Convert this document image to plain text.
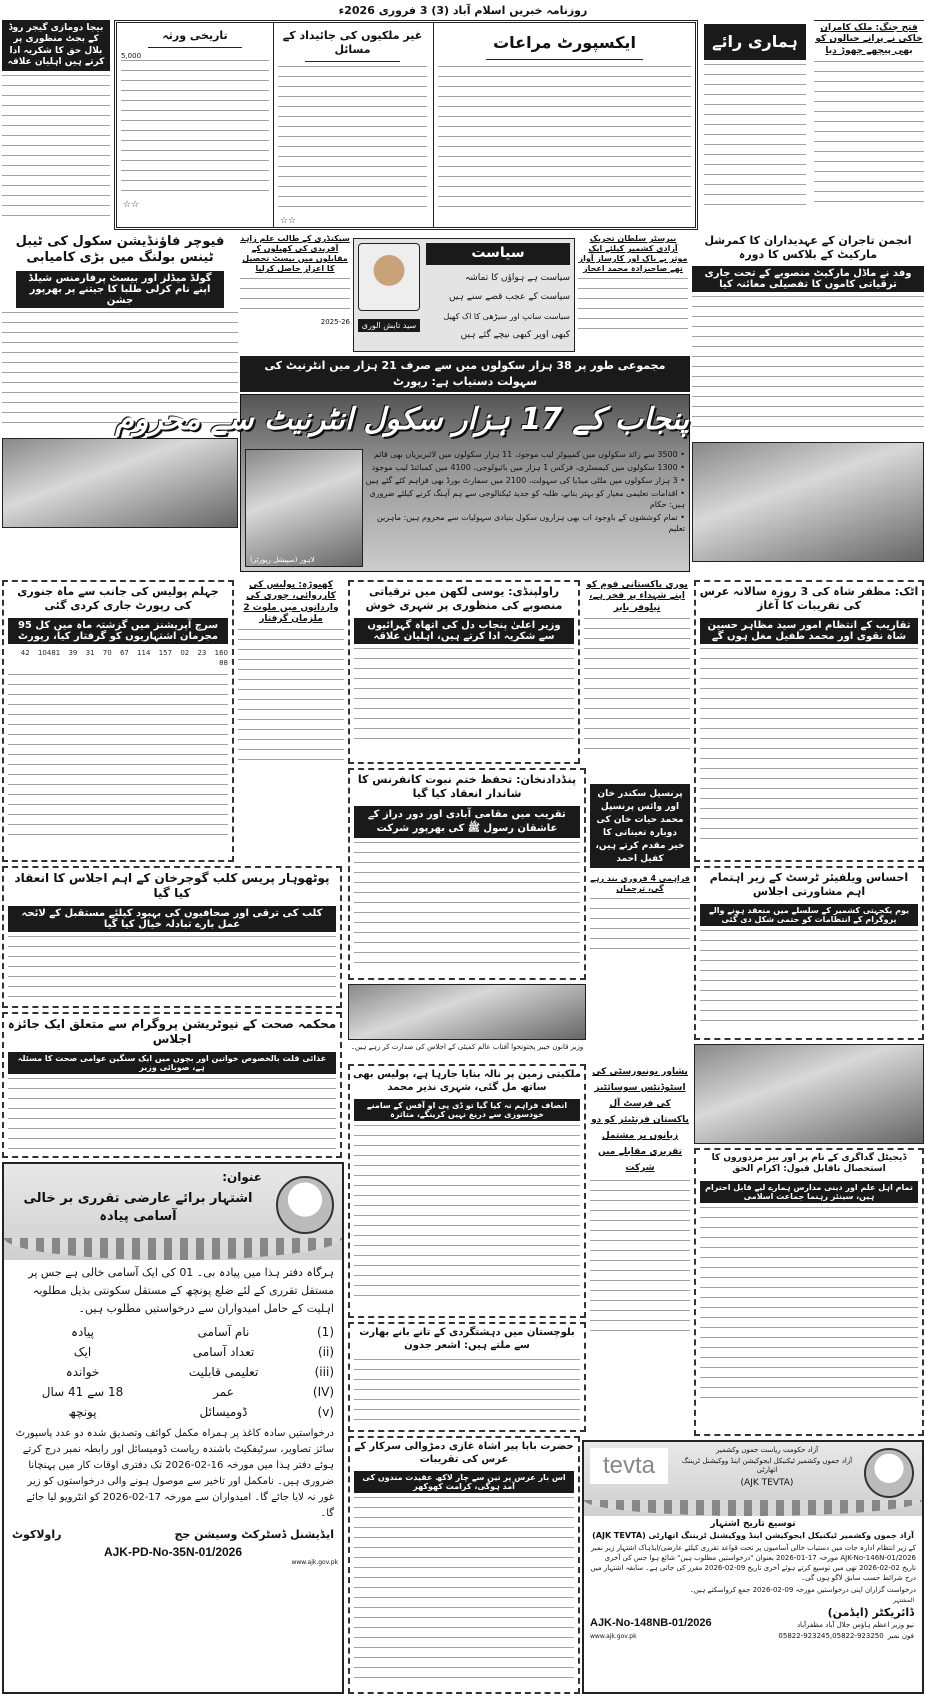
روزنامہ خبریں اسلام آباد (3) 3 فروری 2026ء
بیجا دومازی گیجر روڈ کے بجٹ منظوری پر بلال حق کا شکریہ ادا کرتے ہیں اہلیان علاقہ
ایکسپورٹ مراعات
غیر ملکیوں کی جائیداد کے مسائل
☆☆
تاریخی ورثہ
5,000
☆☆
ہماری رائے
فتح جنگ: ملک کامران خاکی نے پرانے جیالوں کو بھی پیچھے چھوڑ دیا
فیوچر فاؤنڈیشن سکول کی ٹیبل ٹینس بولنگ میں بڑی کامیابی
گولڈ میڈلز اور بیسٹ پرفارمنس شیلڈ اپنے نام کرلی طلبا کا جیتنے پر بھرپور جشن
سیکنڈری کے طالب علم زاہد آفریدی کی کھیلوں کے مقابلوں میں بیسٹ تحصیل کا اعزاز حاصل کرلیا
2025-26	سید تابش الوری
سیاست
سیاست ہے ہواؤں کا تماشہ
سیاست کے عجب قصے سنے ہیں
سیاست سانپ اور سیڑھی کا اک کھیل
کبھی اوپر کبھی نیچے گئے ہیں
بیرسٹر سلطان تحریک آزادی کشمیر کیلئے ایک موثر بے باک اور کارساز آواز تھے صاحبزادہ محمد اعجاز
انجمن تاجران کے عہدیداران کا کمرشل مارکیٹ کے بلاکس کا دورہ
وفد نے ماڈل مارکیٹ منصوبے کے تحت جاری ترقیاتی کاموں کا تفصیلی معائنہ کیا
مجموعی طور پر 38 ہزار سکولوں میں سے صرف 21 ہزار میں انٹرنیٹ کی سہولت دستیاب ہے: رپورٹ
پنجاب کے 17 ہزار سکول انٹرنیٹ سے محروم
• 3500 سے زائد سکولوں میں کمپیوٹر لیب موجود، 11 ہزار سکولوں میں لائبریریاں بھی قائم
• 1300 سکولوں میں کیمسٹری، فزکس 1 ہزار میں بائیولوجی، 4100 میں کمبائنڈ لیب موجود
• 3 ہزار سکولوں میں ملٹی میڈیا کی سہولت، 2100 میں سمارٹ بورڈ بھی فراہم کئے گئے ہیں
• اقدامات تعلیمی معیار کو بہتر بنانے، طلبہ کو جدید ٹیکنالوجی سے ہم آہنگ کرنے کیلئے ضروری ہیں: حکام
• تمام کوششوں کے باوجود اب بھی ہزاروں سکول بنیادی سہولیات سے محروم ہیں: ماہرین تعلیم
لاہور (سپیشل رپورٹر)
جہلم پولیس کی جانب سے ماہ جنوری کی رپورٹ جاری کردی گئی
سرچ آپریشنز میں گزشتہ ماہ میں کل 95 مجرمان اشتہاریوں کو گرفتار کیا، رپورٹ
160 23 02 157 114 67 70 31 39 10481 42 88
کھیوڑہ: پولیس کی کارروائی، چوری کی وارداتوں میں ملوث 2 ملزمان گرفتار
راولپنڈی: یوسی لکھن میں ترقیاتی منصوبے کی منظوری پر شہری خوش
وزیر اعلیٰ پنجاب دل کی اتھاہ گہرائیوں سے شکریہ ادا کرتے ہیں، اہلیان علاقہ
پوری پاکستانی قوم کو اپنے شہداء پر فخر ہے، نیلوفر بابر
اٹک: مظفر شاہ کی 3 روزہ سالانہ عرس کی تقریبات کا آغاز
تقاریب کے انتظام امور سید مظاہر حسین شاہ نقوی اور محمد طفیل مغل ہوں گے
پنڈدادنخان: تحفظ ختم نبوت کانفرنس کا شاندار انعقاد کیا گیا
تقریب میں مقامی آبادی اور دور دراز کے عاشقان رسول ﷺ کی بھرپور شرکت
پرنسپل سکندر خان اور وائس پرنسپل محمد حیات خان کی دوبارہ تعیناتی کا خیر مقدم کرتے ہیں، کفیل احمد
پوٹھوہار پریس کلب گوجرخان کے اہم اجلاس کا انعقاد کیا گیا
کلب کی ترقی اور صحافیوں کی بہبود کیلئے مستقبل کے لائحہ عمل بارے تبادلہ خیال کیا گیا
احساس ویلفیئر ٹرسٹ کے زیر اہتمام اہم مشاورتی اجلاس
یوم یکجہتی کشمیر کے سلسلے میں منعقد ہونے والے پروگرام کے انتظامات کو حتمی شکل دی گئی
فراہمی 4 فروری بند رہے گی، ترجمان
وزیر قانون خیبر پختونخوا آفتاب عالم کمیٹی کے اجلاس کی صدارت کر رہے ہیں۔
محکمہ صحت کے نیوٹریشن پروگرام سے متعلق ایک جائزہ اجلاس
غذائی قلت بالخصوص خواتین اور بچوں میں ایک سنگین عوامی صحت کا مسئلہ ہے، صوبائی وزیر
ملکیتی زمین پر نالہ بنایا جارہا ہے، پولیس بھی ساتھ مل گئی، شہری نذیر محمد
انصاف فراہم نہ کیا گیا تو ڈی پی او آفس کے سامنے خودسوزی سے دریغ نہیں کرینگے، متاثرہ
پشاور یونیورسٹی کی اسٹوڈنٹس سوسائٹیز کی فرسٹ آل پاکستان فرنٹیئر کو دو زبانوں پر مشتمل تقریری مقابلے میں شرکت
ڈیجیٹل گداگری کے نام پر اور بیز مزدوروں کا استحصال ناقابل قبول: اکرام الحق
تمام اہل علم اور دینی مدارس ہمارے لیے قابل احترام ہیں، سینئر رہنما جماعت اسلامی
بلوچستان میں دہشتگردی کے تانے بانے بھارت سے ملتے ہیں: اشعر جدون
حضرت بابا پیر اشاہ غازی دمڑوالی سرکار کے عرس کی تقریبات
اس بار عرس پر تین سے چار لاکھ عقیدت مندوں کی آمد ہوگی، کرامت کھوکھر
عنوان:
اشتہار برائے عارضی تقرری بر خالی آسامی پیادہ
ہرگاہ دفتر ہذا میں پیادہ بی۔ 01 کی ایک آسامی خالی ہے جس پر مستقل تقرری کے لئے ضلع پونچھ کے مستقل سکونتی بذیل مطلوبہ اہلیت کے حامل امیدواران سے درخواستیں مطلوب ہیں۔
(1)
نام آسامی
پیادہ
(ii)
تعداد آسامی
ایک
(iii)
تعلیمی قابلیت
خواندہ
(IV)
عمر
18 سے 41 سال
(v)
ڈومیسائل
پونچھ
درخواستیں سادہ کاغذ پر ہمراہ مکمل کوائف وتصدیق شدہ دو عدد پاسپورٹ سائز تصاویر، سرٹیفکیٹ باشندہ ریاست ڈومیسائل اور رابطہ نمبر درج کرتے ہوئے دفتر ہذا میں مورخہ 16-02-2026 تک دفتری اوقات کار میں پہنچانا ضروری ہیں۔ نامکمل اور تاخیر سے موصول ہونے والی درخواستوں کو زیر غور نہ لایا جائے گا۔ امیدواران سے مورخہ 17-02-2026 کو انٹرویو لیا جائے گا۔
ایڈیشنل ڈسٹرکٹ وسیشن جج
راولاکوٹ
AJK-PD-No-35N-01/2026
www.ajk.gov.pk
tevta
آزاد حکومت ریاست جموں وکشمیر
آزاد جموں وکشمیر ٹیکنیکل ایجوکیشن اینڈ ووکیشنل ٹریننگ اتھارٹی
(AJK TEVTA)
توسیع تاریخ اشتہار
آزاد جموں وکشمیر ٹیکنیکل ایجوکیشن اینڈ ووکیشنل ٹریننگ اتھارٹی (AJK TEVTA)
کے زیر انتظام ادارہ جات میں دستیاب خالی آسامیوں پر تحت قواعد تقرری کیلئے عارضی/ایڈہاک اشتہار زیر نمبر AJK-No-146N-01/2026 مورخہ 17-01-2026 بعنوان "درخواستیں مطلوب ہیں" شائع ہوا جس کی آخری تاریخ 02-02-2026 تھی میں توسیع کرتے ہوئے آخری تاریخ 09-02-2026 مقرر کی جاتی ہے۔ سابقہ اشتہار میں درج شرائط حسب سابق لاگو ہوں گی۔
درخواست گزاران اپنی درخواستیں مورخہ 09-02-2026 جمع کرواسکتے ہیں۔
المشتہر
ڈائریکٹر (ایڈمن)
نیو وزیر اعظم ہاؤس جلال آباد مظفرآباد
فون نمبر
05822-923245,05822-923250
AJK-No-148NB-01/2026
www.ajk.gov.pk
